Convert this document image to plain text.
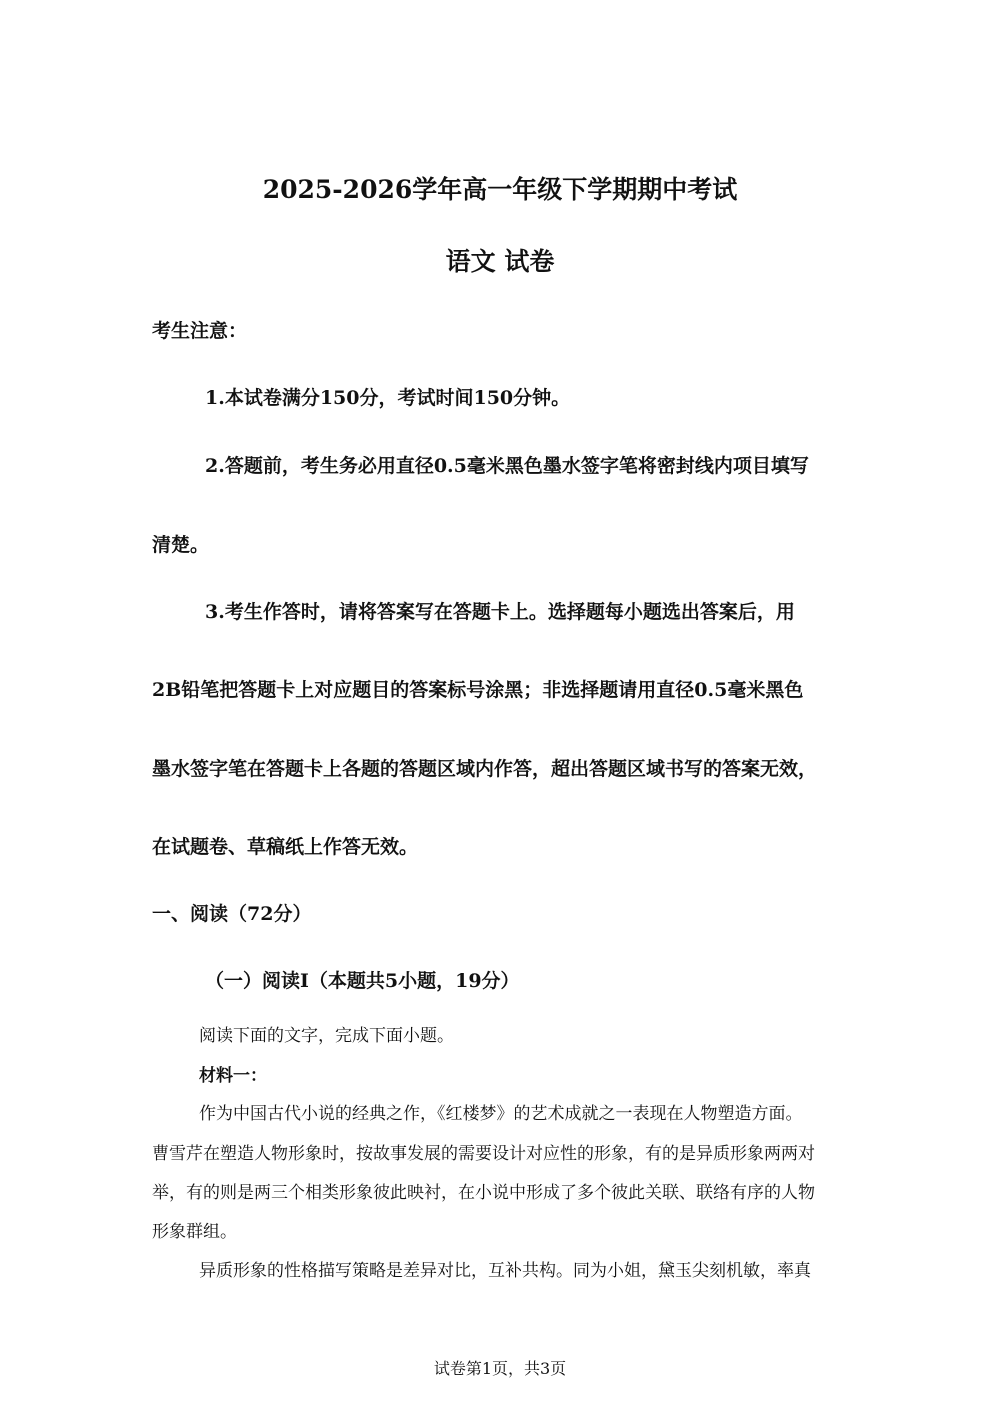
2025-2026学年高一年级下学期期中考试
语文 试卷
考生注意：
1.本试卷满分150分，考试时间150分钟。
2.答题前，考生务必用直径0.5毫米黑色墨水签字笔将密封线内项目填写
清楚。
3.考生作答时，请将答案写在答题卡上。选择题每小题选出答案后，用
2B铅笔把答题卡上对应题目的答案标号涂黑；非选择题请用直径0.5毫米黑色
墨水签字笔在答题卡上各题的答题区域内作答，超出答题区域书写的答案无效，
在试题卷、草稿纸上作答无效。
一、阅读（72分）
（一）阅读I（本题共5小题，19分）
阅读下面的文字，完成下面小题。
材料一：
作为中国古代小说的经典之作，《红楼梦》的艺术成就之一表现在人物塑造方面。
曹雪芹在塑造人物形象时，按故事发展的需要设计对应性的形象，有的是异质形象两两对
举，有的则是两三个相类形象彼此映衬，在小说中形成了多个彼此关联、联络有序的人物
形象群组。
异质形象的性格描写策略是差异对比，互补共构。同为小姐，黛玉尖刻机敏，率真
试卷第1页，共3页
